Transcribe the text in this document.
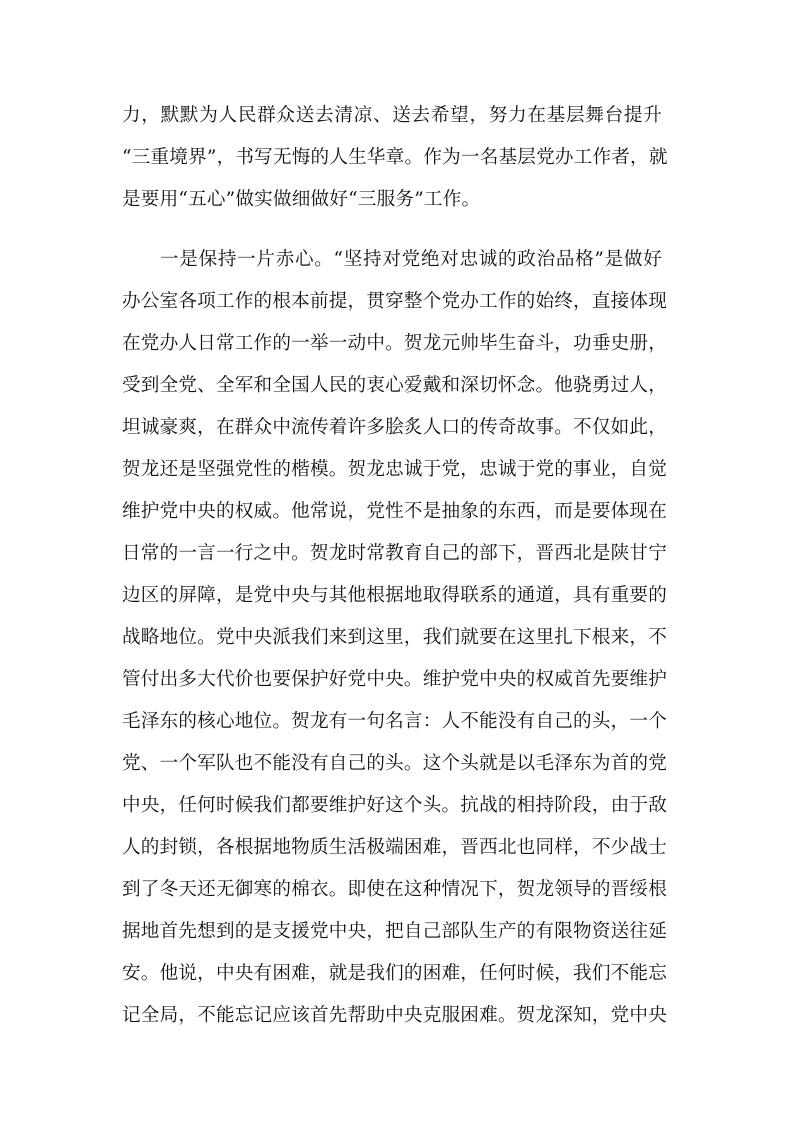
力，默默为人民群众送去清凉、送去希望，努力在基层舞台提升
“三重境界”，书写无悔的人生华章。作为一名基层党办工作者，就
是要用“五心”做实做细做好“三服务”工作。
一是保持一片赤心。“坚持对党绝对忠诚的政治品格”是做好
办公室各项工作的根本前提，贯穿整个党办工作的始终，直接体现
在党办人日常工作的一举一动中。贺龙元帅毕生奋斗，功垂史册，
受到全党、全军和全国人民的衷心爱戴和深切怀念。他骁勇过人，
坦诚豪爽，在群众中流传着许多脍炙人口的传奇故事。不仅如此，
贺龙还是坚强党性的楷模。贺龙忠诚于党，忠诚于党的事业，自觉
维护党中央的权威。他常说，党性不是抽象的东西，而是要体现在
日常的一言一行之中。贺龙时常教育自己的部下，晋西北是陕甘宁
边区的屏障，是党中央与其他根据地取得联系的通道，具有重要的
战略地位。党中央派我们来到这里，我们就要在这里扎下根来，不
管付出多大代价也要保护好党中央。维护党中央的权威首先要维护
毛泽东的核心地位。贺龙有一句名言：人不能没有自己的头，一个
党、一个军队也不能没有自己的头。这个头就是以毛泽东为首的党
中央，任何时候我们都要维护好这个头。抗战的相持阶段，由于敌
人的封锁，各根据地物质生活极端困难，晋西北也同样，不少战士
到了冬天还无御寒的棉衣。即使在这种情况下，贺龙领导的晋绥根
据地首先想到的是支援党中央，把自己部队生产的有限物资送往延
安。他说，中央有困难，就是我们的困难，任何时候，我们不能忘
记全局，不能忘记应该首先帮助中央克服困难。贺龙深知，党中央
